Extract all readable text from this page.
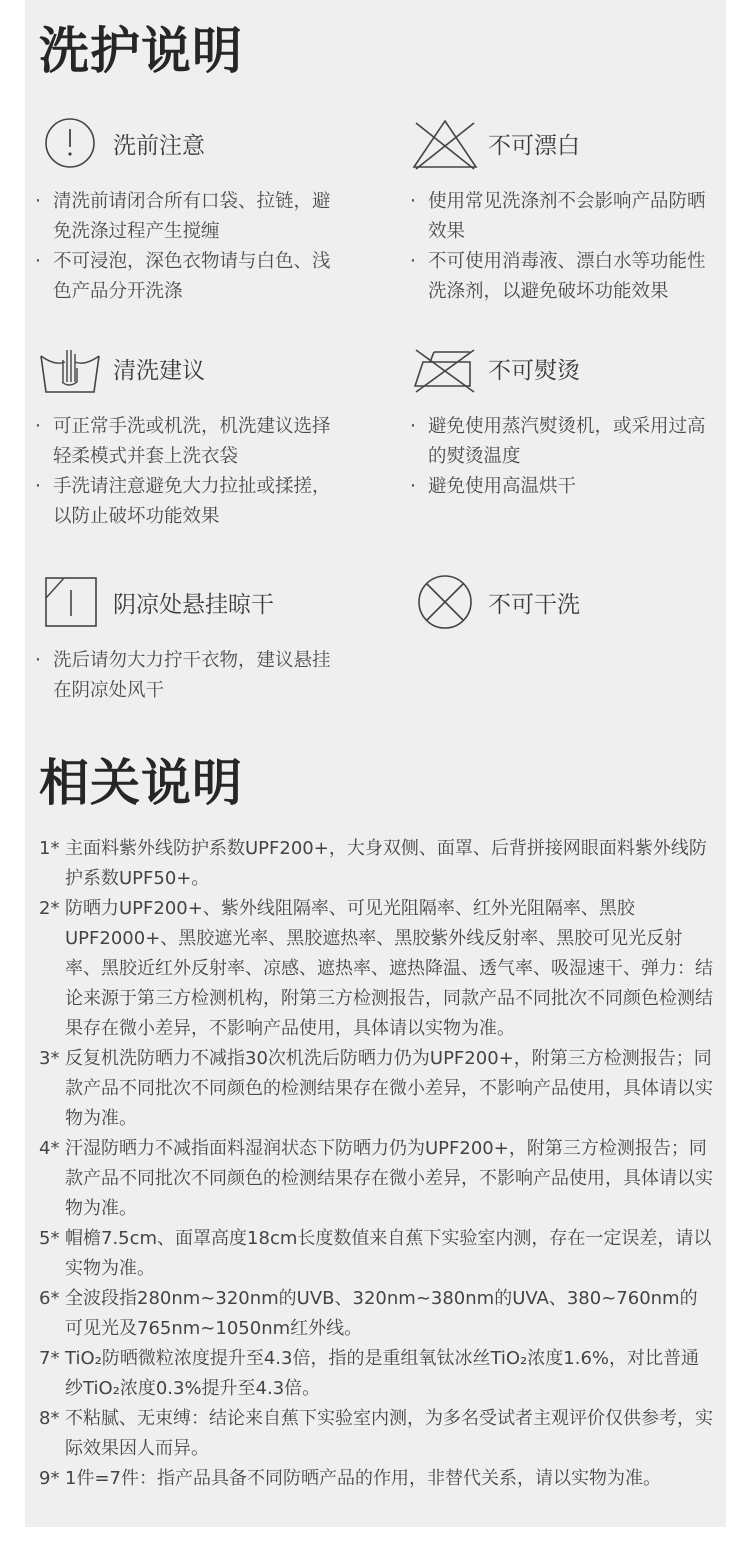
洗护说明
洗前注意
· 清洗前请闭合所有口袋、拉链，避免洗涤过程产生搅缠
· 不可浸泡，深色衣物请与白色、浅色产品分开洗涤
不可漂白
· 使用常见洗涤剂不会影响产品防晒效果
· 不可使用消毒液、漂白水等功能性洗涤剂，以避免破坏功能效果
清洗建议
· 可正常手洗或机洗，机洗建议选择轻柔模式并套上洗衣袋
· 手洗请注意避免大力拉扯或揉搓，以防止破坏功能效果
不可熨烫
· 避免使用蒸汽熨烫机，或采用过高的熨烫温度
· 避免使用高温烘干
阴凉处悬挂晾干
· 洗后请勿大力拧干衣物，建议悬挂在阴凉处风干
不可干洗
相关说明
1* 主面料紫外线防护系数UPF200+，大身双侧、面罩、后背拼接网眼面料紫外线防护系数UPF50+。
2* 防晒力UPF200+、紫外线阻隔率、可见光阻隔率、红外光阻隔率、黑胶UPF2000+、黑胶遮光率、黑胶遮热率、黑胶紫外线反射率、黑胶可见光反射率、黑胶近红外反射率、凉感、遮热率、遮热降温、透气率、吸湿速干、弹力：结论来源于第三方检测机构，附第三方检测报告，同款产品不同批次不同颜色检测结果存在微小差异，不影响产品使用，具体请以实物为准。
3* 反复机洗防晒力不减指30次机洗后防晒力仍为UPF200+，附第三方检测报告；同款产品不同批次不同颜色的检测结果存在微小差异，不影响产品使用，具体请以实物为准。
4* 汗湿防晒力不减指面料湿润状态下防晒力仍为UPF200+，附第三方检测报告；同款产品不同批次不同颜色的检测结果存在微小差异，不影响产品使用，具体请以实物为准。
5* 帽檐7.5cm、面罩高度18cm长度数值来自蕉下实验室内测，存在一定误差，请以实物为准。
6* 全波段指280nm~320nm的UVB、320nm~380nm的UVA、380~760nm的可见光及765nm~1050nm红外线。
7* TiO₂防晒微粒浓度提升至4.3倍，指的是重组氧钛冰丝TiO₂浓度1.6%，对比普通纱TiO₂浓度0.3%提升至4.3倍。
8* 不粘腻、无束缚：结论来自蕉下实验室内测，为多名受试者主观评价仅供参考，实际效果因人而异。
9* 1件=7件：指产品具备不同防晒产品的作用，非替代关系，请以实物为准。
